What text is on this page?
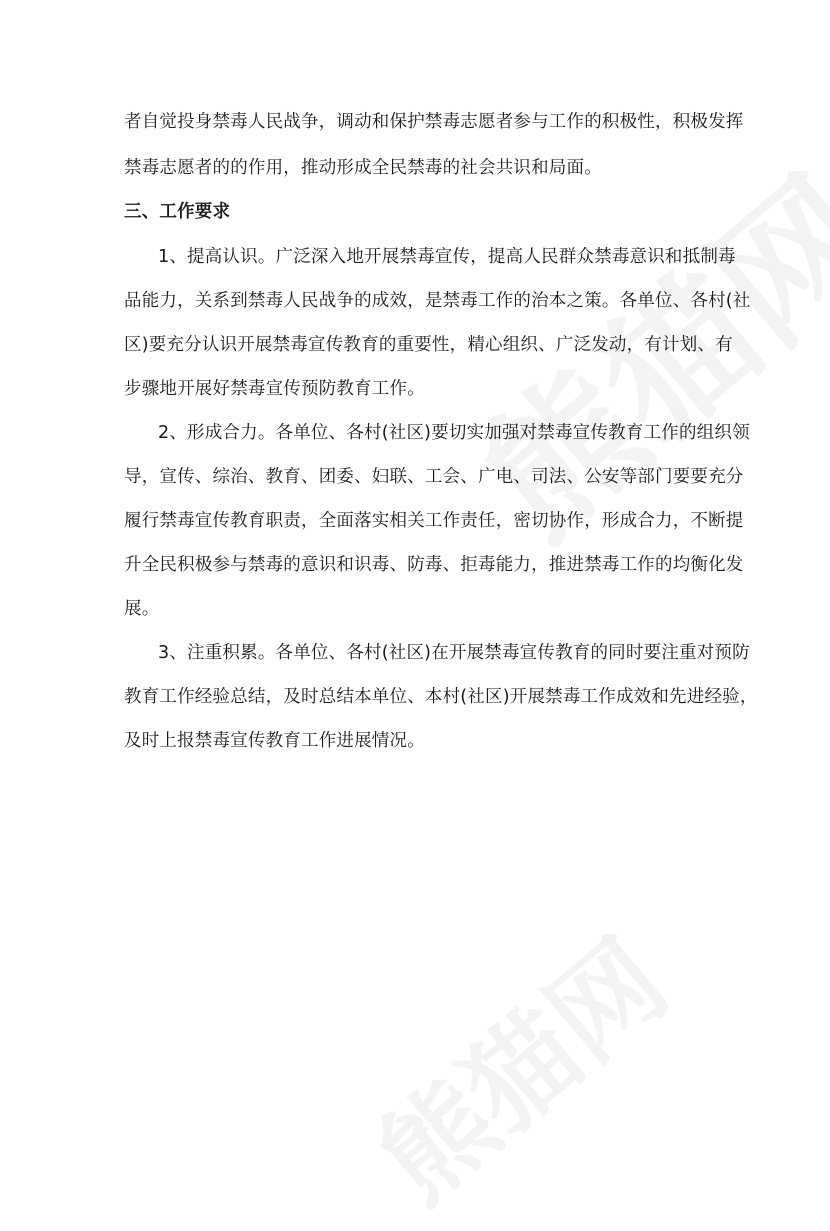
者自觉投身禁毒人民战争，调动和保护禁毒志愿者参与工作的积极性，积极发挥
禁毒志愿者的的作用，推动形成全民禁毒的社会共识和局面。
三、工作要求
1、提高认识。广泛深入地开展禁毒宣传，提高人民群众禁毒意识和抵制毒
品能力，关系到禁毒人民战争的成效，是禁毒工作的治本之策。各单位、各村(社
区)要充分认识开展禁毒宣传教育的重要性，精心组织、广泛发动，有计划、有
步骤地开展好禁毒宣传预防教育工作。
2、形成合力。各单位、各村(社区)要切实加强对禁毒宣传教育工作的组织领
导，宣传、综治、教育、团委、妇联、工会、广电、司法、公安等部门要要充分
履行禁毒宣传教育职责，全面落实相关工作责任，密切协作，形成合力，不断提
升全民积极参与禁毒的意识和识毒、防毒、拒毒能力，推进禁毒工作的均衡化发
展。
3、注重积累。各单位、各村(社区)在开展禁毒宣传教育的同时要注重对预防
教育工作经验总结，及时总结本单位、本村(社区)开展禁毒工作成效和先进经验，
及时上报禁毒宣传教育工作进展情况。
